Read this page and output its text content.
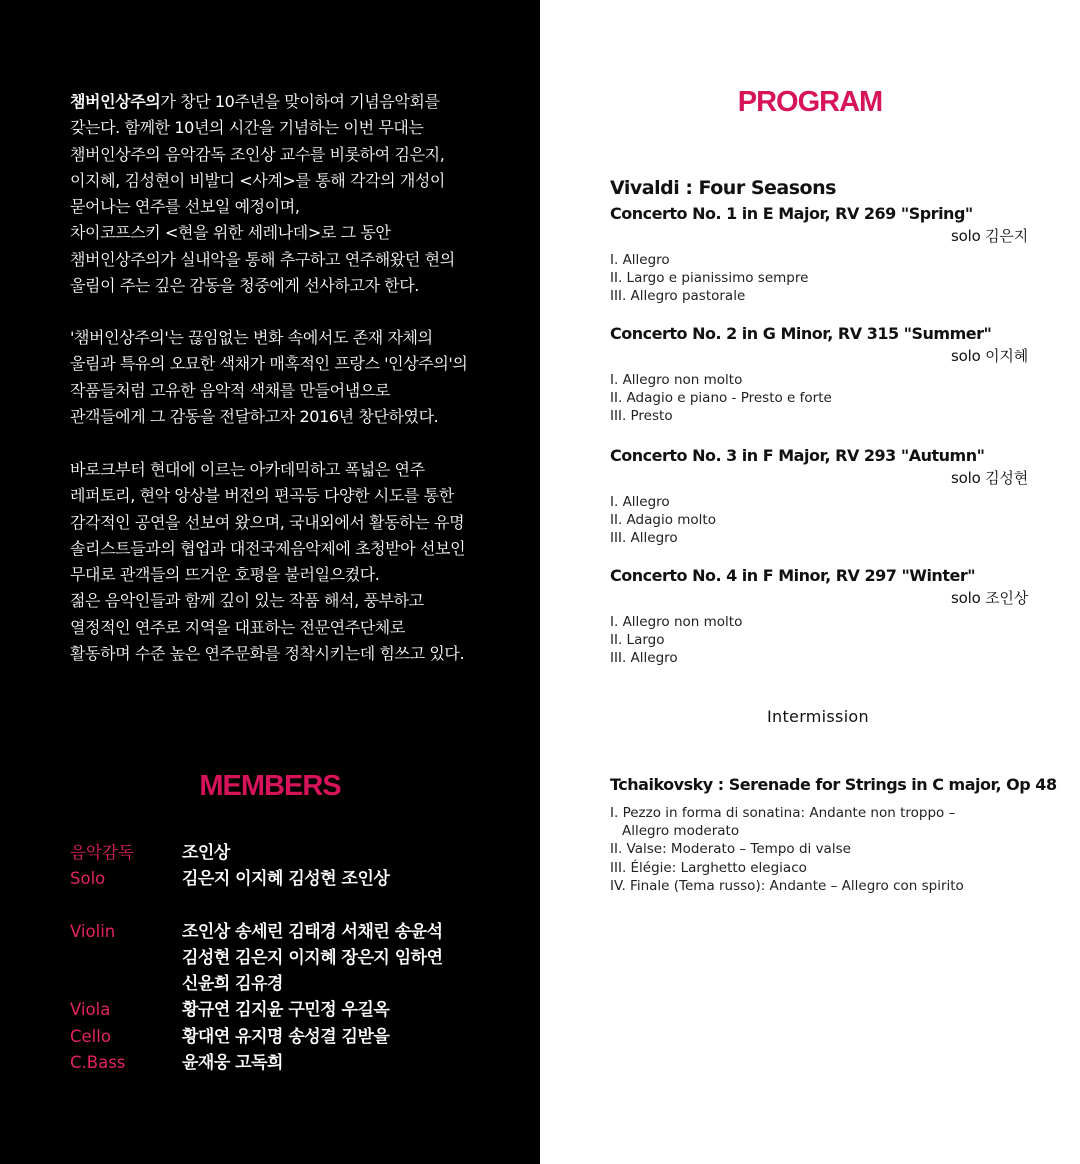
챔버인상주의가 창단 10주년을 맞이하여 기념음악회를
갖는다. 함께한 10년의 시간을 기념하는 이번 무대는
챔버인상주의 음악감독 조인상 교수를 비롯하여 김은지,
이지혜, 김성현이 비발디 <사계>를 통해 각각의 개성이
묻어나는 연주를 선보일 예정이며,
차이코프스키 <현을 위한 세레나데>로 그 동안
챔버인상주의가 실내악을 통해 추구하고 연주해왔던 현의
울림이 주는 깊은 감동을 청중에게 선사하고자 한다.
'챔버인상주의'는 끊임없는 변화 속에서도 존재 자체의
울림과 특유의 오묘한 색채가 매혹적인 프랑스 '인상주의'의
작품들처럼 고유한 음악적 색채를 만들어냄으로
관객들에게 그 감동을 전달하고자 2016년 창단하였다.
바로크부터 현대에 이르는 아카데믹하고 폭넓은 연주
레퍼토리, 현악 앙상블 버전의 편곡등 다양한 시도를 통한
감각적인 공연을 선보여 왔으며, 국내외에서 활동하는 유명
솔리스트들과의 협업과 대전국제음악제에 초청받아 선보인
무대로 관객들의 뜨거운 호평을 불러일으켰다.
젊은 음악인들과 함께 깊이 있는 작품 해석, 풍부하고
열정적인 연주로 지역을 대표하는 전문연주단체로
활동하며 수준 높은 연주문화를 정착시키는데 힘쓰고 있다.
MEMBERS
음악감독	조인상
Solo	김은지 이지혜 김성현 조인상
Violin	조인상 송세린 김태경 서채린 송윤석
김성현 김은지 이지혜 장은지 임하연
신윤희 김유경
Viola	황규연 김지윤 구민정 우길옥
Cello	황대연 유지명 송성결 김받을
C.Bass	윤재웅 고독희
PROGRAM
Vivaldi : Four Seasons
Concerto No. 1 in E Major, RV 269 "Spring"
solo 김은지
I. Allegro
II. Largo e pianissimo sempre
III. Allegro pastorale
Concerto No. 2 in G Minor, RV 315 "Summer"
solo 이지혜
I. Allegro non molto
II. Adagio e piano - Presto e forte
III. Presto
Concerto No. 3 in F Major, RV 293 "Autumn"
solo 김성현
I. Allegro
II. Adagio molto
III. Allegro
Concerto No. 4 in F Minor, RV 297 "Winter"
solo 조인상
I. Allegro non molto
II. Largo
III. Allegro
Intermission
Tchaikovsky : Serenade for Strings in C major, Op 48
I. Pezzo in forma di sonatina: Andante non troppo –
Allegro moderato
II. Valse: Moderato – Tempo di valse
III. Élégie: Larghetto elegiaco
IV. Finale (Tema russo): Andante – Allegro con spirito
